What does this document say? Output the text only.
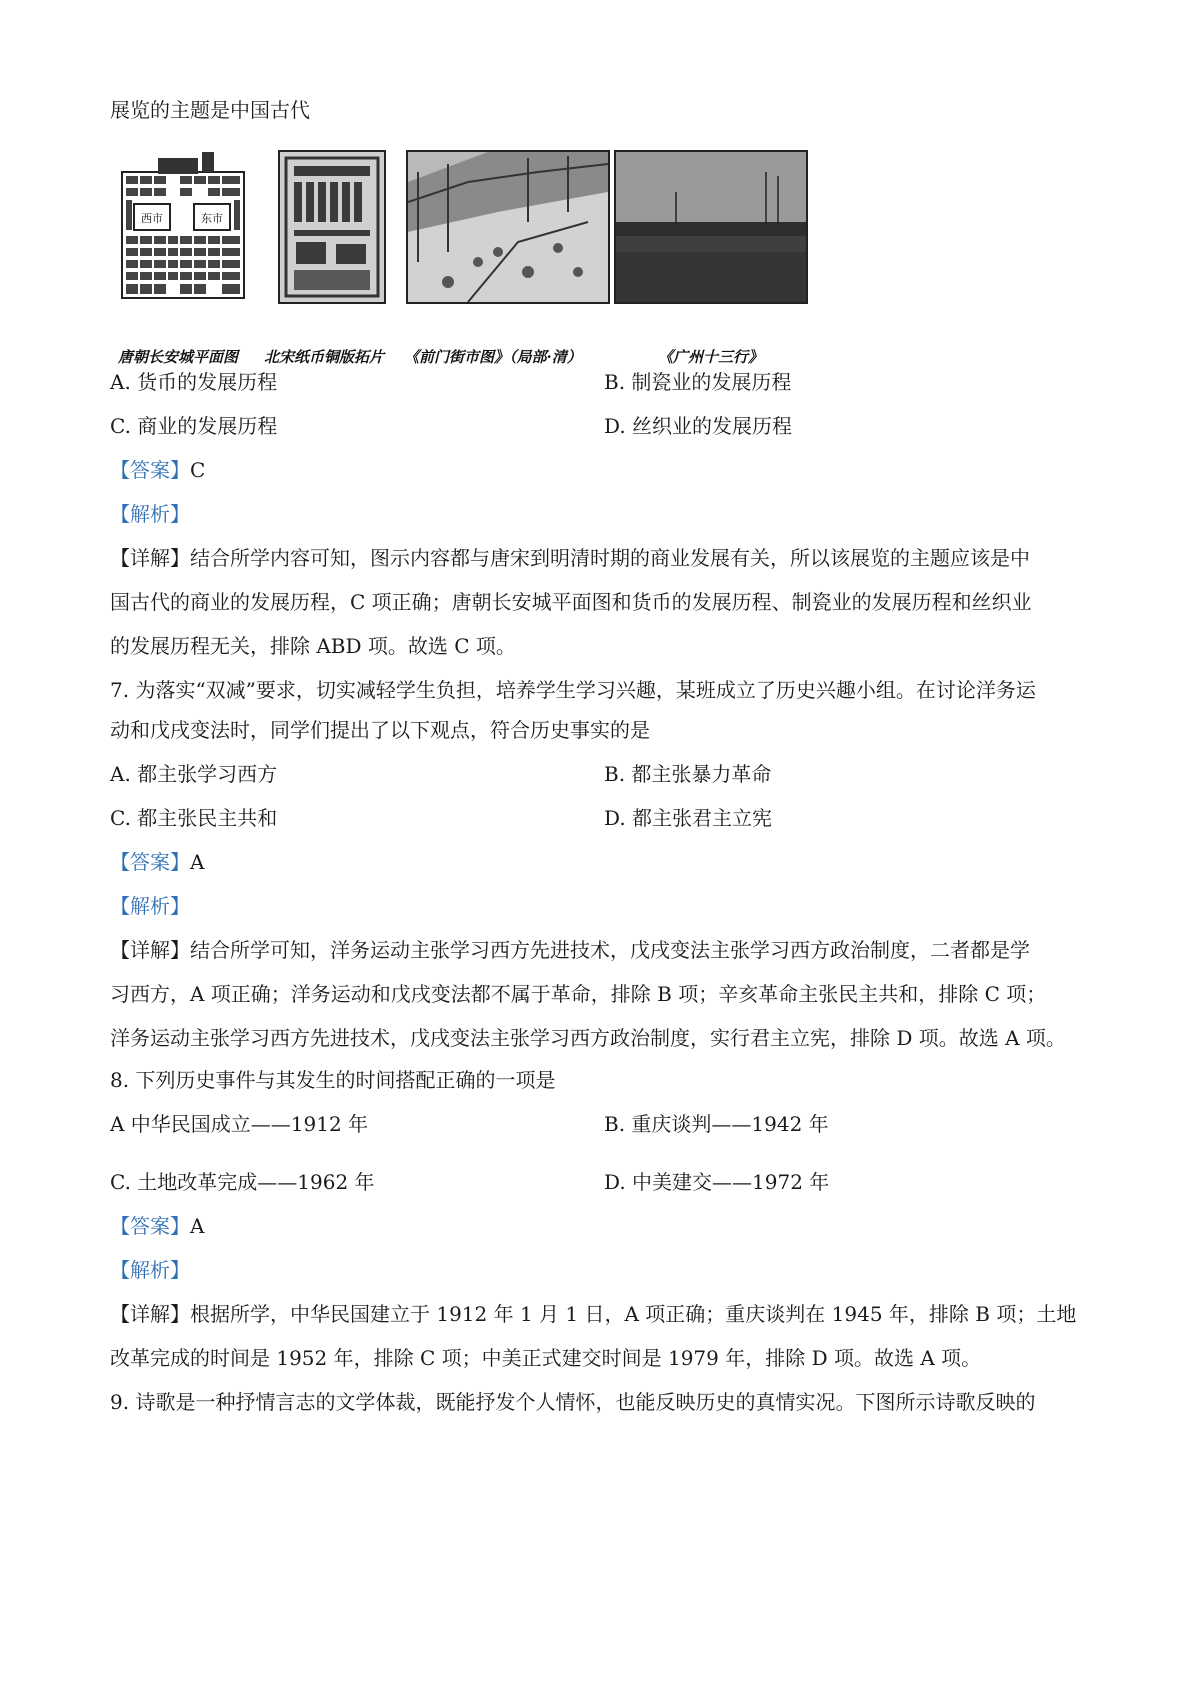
展览的主题是中国古代
西市	东市
唐朝长安城平面图 北宋纸币铜版拓片 《前门街市图》（局部·清）	《广州十三行》
A. 货币的发展历程	B. 制瓷业的发展历程
C. 商业的发展历程	D. 丝织业的发展历程
【答案】C
【解析】
【详解】结合所学内容可知，图示内容都与唐宋到明清时期的商业发展有关，所以该展览的主题应该是中
国古代的商业的发展历程，C 项正确；唐朝长安城平面图和货币的发展历程、制瓷业的发展历程和丝织业
的发展历程无关，排除 ABD 项。故选 C 项。
7. 为落实“双减”要求，切实减轻学生负担，培养学生学习兴趣，某班成立了历史兴趣小组。在讨论洋务运
动和戊戌变法时，同学们提出了以下观点，符合历史事实的是
A. 都主张学习西方	B. 都主张暴力革命
C. 都主张民主共和	D. 都主张君主立宪
【答案】A
【解析】
【详解】结合所学可知，洋务运动主张学习西方先进技术，戊戌变法主张学习西方政治制度，二者都是学
习西方，A 项正确；洋务运动和戊戌变法都不属于革命，排除 B 项；辛亥革命主张民主共和，排除 C 项；
洋务运动主张学习西方先进技术，戊戌变法主张学习西方政治制度，实行君主立宪，排除 D 项。故选 A 项。
8. 下列历史事件与其发生的时间搭配正确的一项是
A 中华民国成立——1912 年	B. 重庆谈判——1942 年
C. 土地改革完成——1962 年	D. 中美建交——1972 年
【答案】A
【解析】
【详解】根据所学，中华民国建立于 1912 年 1 月 1 日，A 项正确；重庆谈判在 1945 年，排除 B 项；土地
改革完成的时间是 1952 年，排除 C 项；中美正式建交时间是 1979 年，排除 D 项。故选 A 项。
9. 诗歌是一种抒情言志的文学体裁，既能抒发个人情怀，也能反映历史的真情实况。下图所示诗歌反映的
